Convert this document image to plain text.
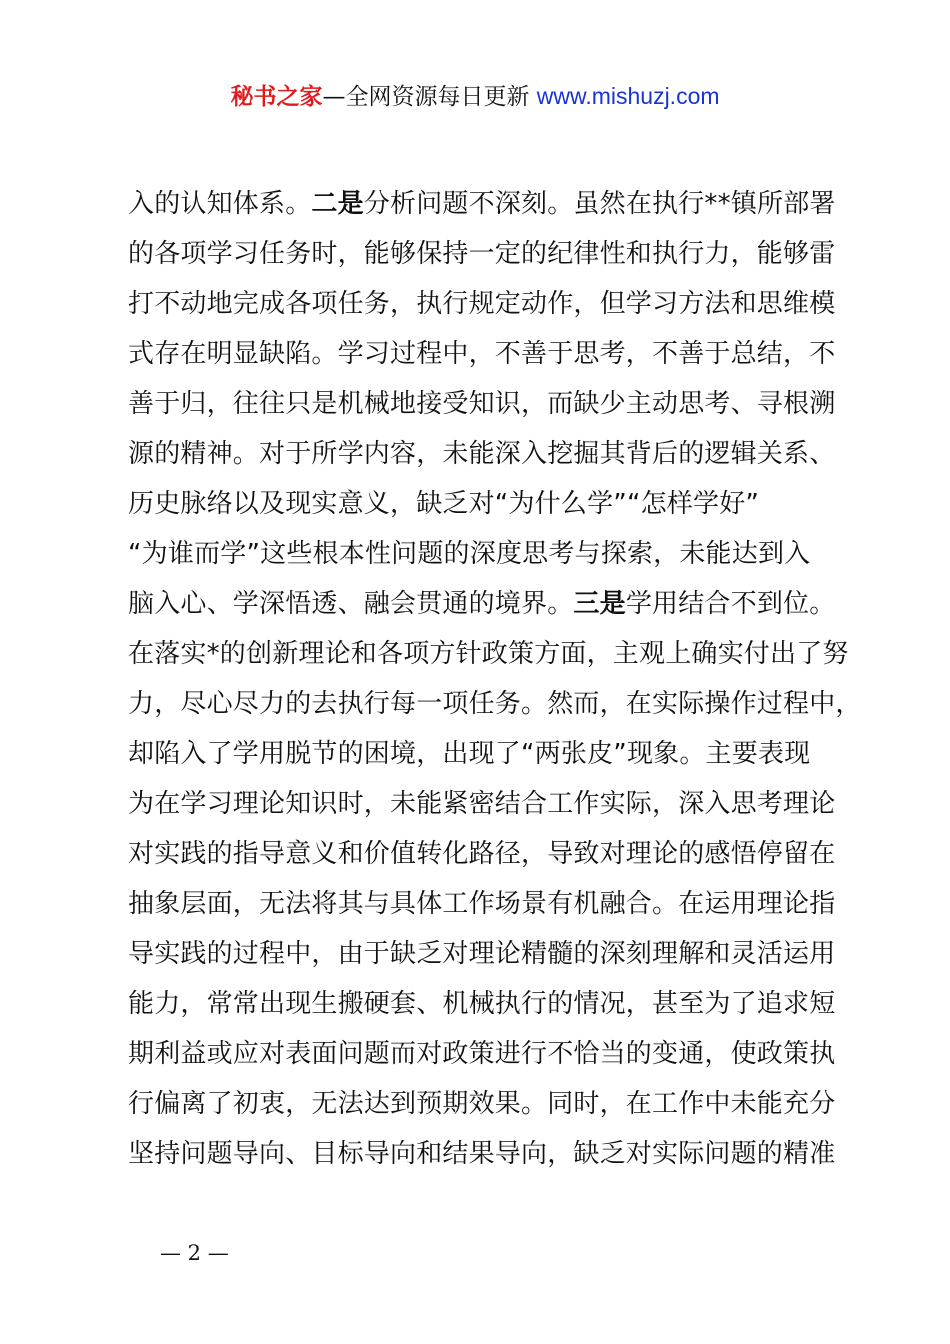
秘书之家—全网资源每日更新 www.mishuzj.com
入的认知体系。二是分析问题不深刻。虽然在执行**镇所部署
的各项学习任务时，能够保持一定的纪律性和执行力，能够雷
打不动地完成各项任务，执行规定动作，但学习方法和思维模
式存在明显缺陷。学习过程中，不善于思考，不善于总结，不
善于归，往往只是机械地接受知识，而缺少主动思考、寻根溯
源的精神。对于所学内容，未能深入挖掘其背后的逻辑关系、
历史脉络以及现实意义，缺乏对“为什么学”“怎样学好”
“为谁而学”这些根本性问题的深度思考与探索，未能达到入
脑入心、学深悟透、融会贯通的境界。三是学用结合不到位。
在落实*的创新理论和各项方针政策方面，主观上确实付出了努
力，尽心尽力的去执行每一项任务。然而，在实际操作过程中，
却陷入了学用脱节的困境，出现了“两张皮”现象。主要表现
为在学习理论知识时，未能紧密结合工作实际，深入思考理论
对实践的指导意义和价值转化路径，导致对理论的感悟停留在
抽象层面，无法将其与具体工作场景有机融合。在运用理论指
导实践的过程中，由于缺乏对理论精髓的深刻理解和灵活运用
能力，常常出现生搬硬套、机械执行的情况，甚至为了追求短
期利益或应对表面问题而对政策进行不恰当的变通，使政策执
行偏离了初衷，无法达到预期效果。同时，在工作中未能充分
坚持问题导向、目标导向和结果导向，缺乏对实际问题的精准
— 2 —
